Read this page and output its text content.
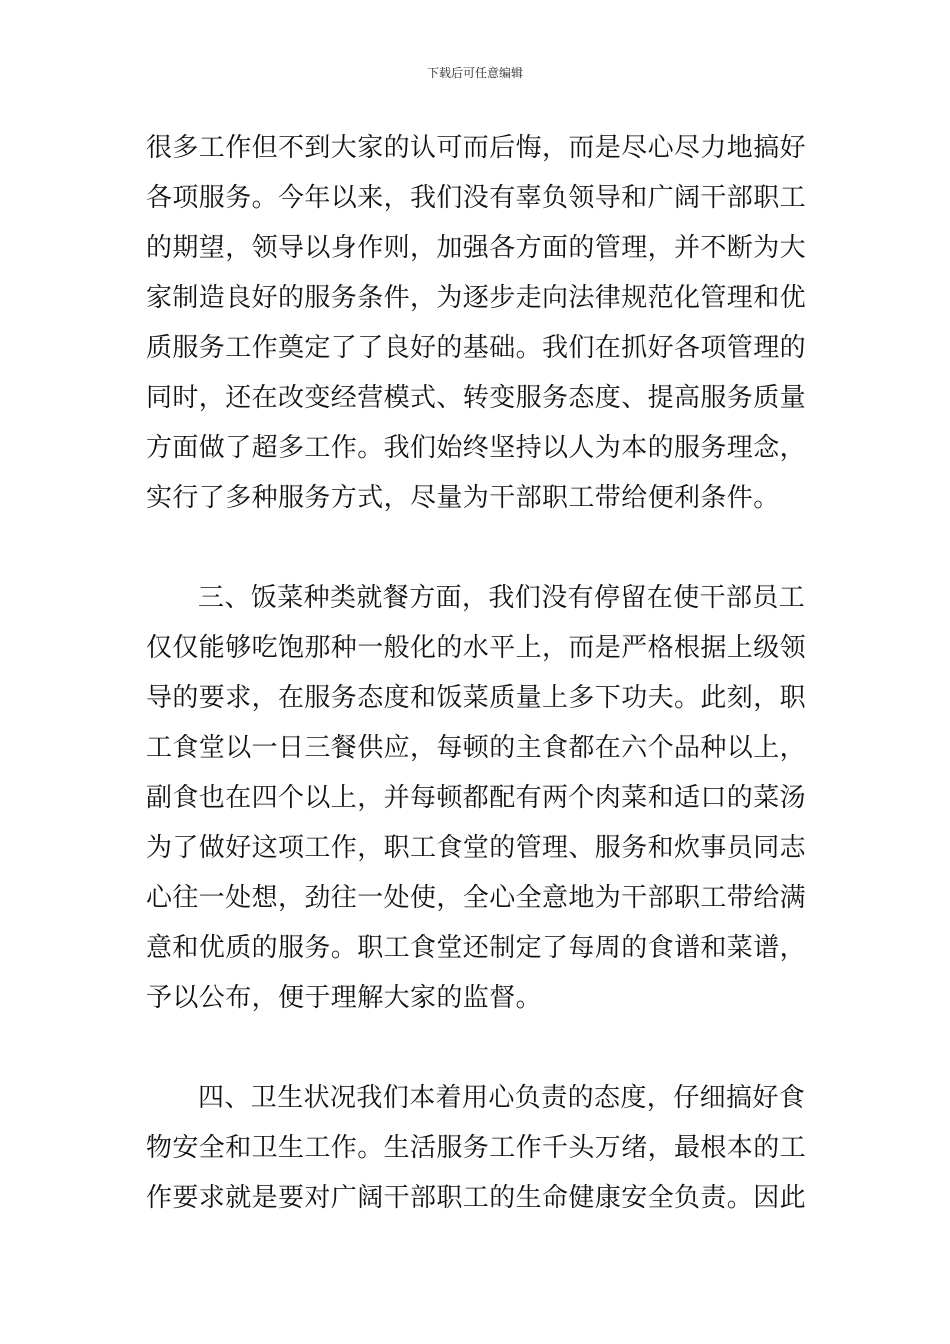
下载后可任意编辑
很多工作但不到大家的认可而后悔，而是尽心尽力地搞好
各项服务。今年以来，我们没有辜负领导和广阔干部职工
的期望，领导以身作则，加强各方面的管理，并不断为大
家制造良好的服务条件，为逐步走向法律规范化管理和优
质服务工作奠定了了良好的基础。我们在抓好各项管理的
同时，还在改变经营模式、转变服务态度、提高服务质量
方面做了超多工作。我们始终坚持以人为本的服务理念，
实行了多种服务方式，尽量为干部职工带给便利条件。
三、饭菜种类就餐方面，我们没有停留在使干部员工
仅仅能够吃饱那种一般化的水平上，而是严格根据上级领
导的要求，在服务态度和饭菜质量上多下功夫。此刻，职
工食堂以一日三餐供应，每顿的主食都在六个品种以上，
副食也在四个以上，并每顿都配有两个肉菜和适口的菜汤
为了做好这项工作，职工食堂的管理、服务和炊事员同志
心往一处想，劲往一处使，全心全意地为干部职工带给满
意和优质的服务。职工食堂还制定了每周的食谱和菜谱，
予以公布，便于理解大家的监督。
四、卫生状况我们本着用心负责的态度，仔细搞好食
物安全和卫生工作。生活服务工作千头万绪，最根本的工
作要求就是要对广阔干部职工的生命健康安全负责。因此
